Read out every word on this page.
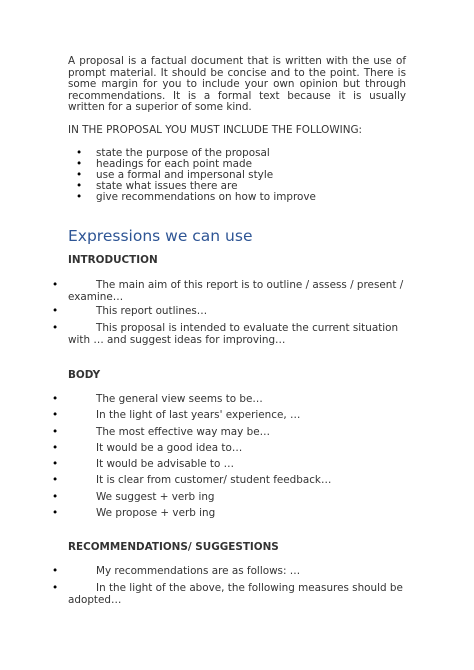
A proposal is a factual document that is written with the use of prompt material. It should be concise and to the point. There is some margin for you to include your own opinion but through recommendations. It is a formal text because it is usually written for a superior of some kind.

IN THE PROPOSAL YOU MUST INCLUDE THE FOLLOWING:

• state the purpose of the proposal
• headings for each point made
• use a formal and impersonal style
• state what issues there are
• give recommendations on how to improve
Expressions we can use
INTRODUCTION
•	The main aim of this report is to outline / assess / present / examine…
•	This report outlines…
•	This proposal is intended to evaluate the current situation with … and suggest ideas for improving…
BODY
•	The general view seems to be…
•	In the light of last years' experience, …
•	The most effective way may be…
•	It would be a good idea to…
•	It would be advisable to …
•	It is clear from customer/ student feedback…
•	We suggest + verb ing
•	We propose + verb ing
RECOMMENDATIONS/ SUGGESTIONS
•	My recommendations are as follows: …
•	In the light of the above, the following measures should be adopted…
